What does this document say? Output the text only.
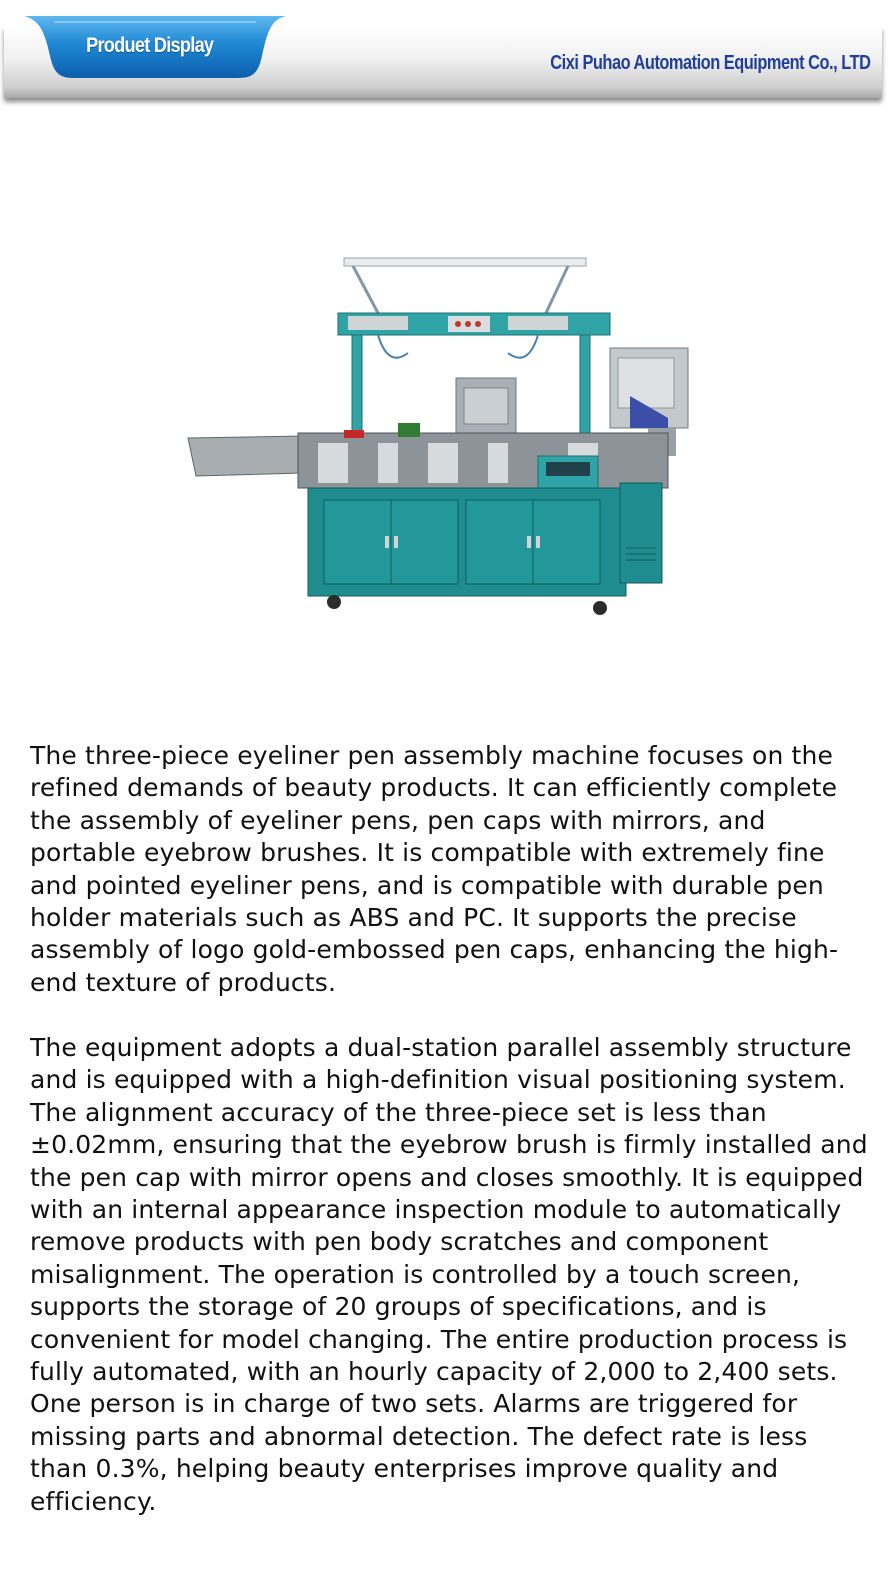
Produet Display
Cixi Puhao Automation Equipment Co., LTD

The three-piece eyeliner pen assembly machine focuses on the refined demands of beauty products. It can efficiently complete the assembly of eyeliner pens, pen caps with mirrors, and portable eyebrow brushes. It is compatible with extremely fine and pointed eyeliner pens, and is compatible with durable pen holder materials such as ABS and PC. It supports the precise assembly of logo gold-embossed pen caps, enhancing the high-end texture of products.

The equipment adopts a dual-station parallel assembly structure and is equipped with a high-definition visual positioning system. The alignment accuracy of the three-piece set is less than ±0.02mm, ensuring that the eyebrow brush is firmly installed and the pen cap with mirror opens and closes smoothly. It is equipped with an internal appearance inspection module to automatically remove products with pen body scratches and component misalignment. The operation is controlled by a touch screen, supports the storage of 20 groups of specifications, and is convenient for model changing. The entire production process is fully automated, with an hourly capacity of 2,000 to 2,400 sets. One person is in charge of two sets. Alarms are triggered for missing parts and abnormal detection. The defect rate is less than 0.3%, helping beauty enterprises improve quality and efficiency.
